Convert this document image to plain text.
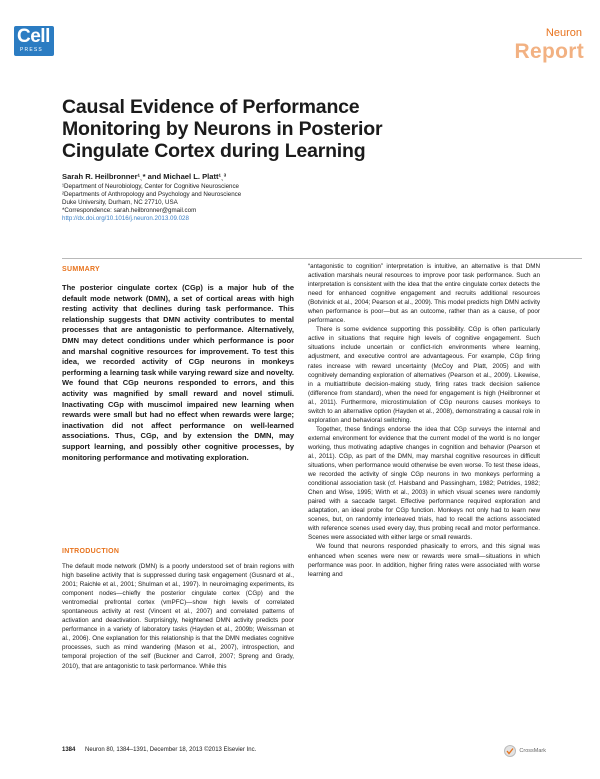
Cell
PRESS
Neuron
Report
Causal Evidence of Performance Monitoring by Neurons in Posterior Cingulate Cortex during Learning
Sarah R. Heilbronner¹ˎ* and Michael L. Platt¹ˎ³
¹Department of Neurobiology, Center for Cognitive Neuroscience
²Departments of Anthropology and Psychology and Neuroscience
Duke University, Durham, NC 27710, USA
*Correspondence: sarah.heilbronner@gmail.com
http://dx.doi.org/10.1016/j.neuron.2013.09.028
SUMMARY

The posterior cingulate cortex (CGp) is a major hub of the default mode network (DMN), a set of cortical areas with high resting activity that declines during task performance. This relationship suggests that DMN activity contributes to mental processes that are antagonistic to performance. Alternatively, DMN may detect conditions under which performance is poor and marshal cognitive resources for improvement. To test this idea, we recorded activity of CGp neurons in monkeys performing a learning task while varying reward size and novelty. We found that CGp neurons responded to errors, and this activity was magnified by small reward and novel stimuli. Inactivating CGp with muscimol impaired new learning when rewards were small but had no effect when rewards were large; inactivation did not affect performance on well-learned associations. Thus, CGp, and by extension the DMN, may support learning, and possibly other cognitive processes, by monitoring performance and motivating exploration.

INTRODUCTION

The default mode network (DMN) is a poorly understood set of brain regions with high baseline activity that is suppressed during task engagement (Gusnard et al., 2001; Raichle et al., 2001; Shulman et al., 1997). In neuroimaging experiments, its component nodes—chiefly the posterior cingulate cortex (CGp) and the ventromedial prefrontal cortex (vmPFC)—show high levels of correlated spontaneous activity at rest (Vincent et al., 2007) and correlated patterns of activation and deactivation. Surprisingly, heightened DMN activity predicts poor performance in a variety of laboratory tasks (Hayden et al., 2009b; Weissman et al., 2006). One explanation for this relationship is that the DMN mediates cognitive processes, such as mind wandering (Mason et al., 2007), introspection, and temporal projection of the self (Buckner and Carroll, 2007; Spreng and Grady, 2010), that are antagonistic to task performance. While this

“antagonistic to cognition” interpretation is intuitive, an alternative is that DMN activation marshals neural resources to improve poor task performance. Such an interpretation is consistent with the idea that the entire cingulate cortex detects the need for enhanced cognitive engagement and recruits additional resources (Botvinick et al., 2004; Pearson et al., 2009). This model predicts high DMN activity when performance is poor—but as an outcome, rather than as a cause, of poor performance.

There is some evidence supporting this possibility. CGp is often particularly active in situations that require high levels of cognitive engagement. Such situations include uncertain or conflict-rich environments where learning, adjustment, and executive control are advantageous. For example, CGp firing rates increase with reward uncertainty (McCoy and Platt, 2005) and with cognitively demanding exploration of alternatives (Pearson et al., 2009). Likewise, in a multiattribute decision-making study, firing rates track decision salience (difference from standard), when the need for engagement is high (Heilbronner et al., 2011). Furthermore, microstimulation of CGp neurons causes monkeys to switch to an alternative option (Hayden et al., 2008), demonstrating a causal role in exploration and behavioral switching.

Together, these findings endorse the idea that CGp surveys the internal and external environment for evidence that the current model of the world is no longer working, thus motivating adaptive changes in cognition and behavior (Pearson et al., 2011). CGp, as part of the DMN, may marshal cognitive resources in difficult situations, when performance would otherwise be even worse. To test these ideas, we recorded the activity of single CGp neurons in two monkeys performing a conditional association task (cf. Halsband and Passingham, 1982; Petrides, 1982; Chen and Wise, 1995; Wirth et al., 2003) in which visual scenes were randomly paired with a saccade target. Effective performance required exploration and adaptation, an ideal probe for CGp function. Monkeys not only had to learn new scenes, but, on randomly interleaved trials, had to recall the actions associated with reference scenes used every day, thus probing recall and motor performance. Scenes were associated with either large or small rewards.

We found that neurons responded phasically to errors, and this signal was enhanced when scenes were new or rewards were small—situations in which performance was poor. In addition, higher firing rates were associated with worse learning and

1384 Neuron 80, 1384–1391, December 18, 2013 ©2013 Elsevier Inc.	CrossMark
